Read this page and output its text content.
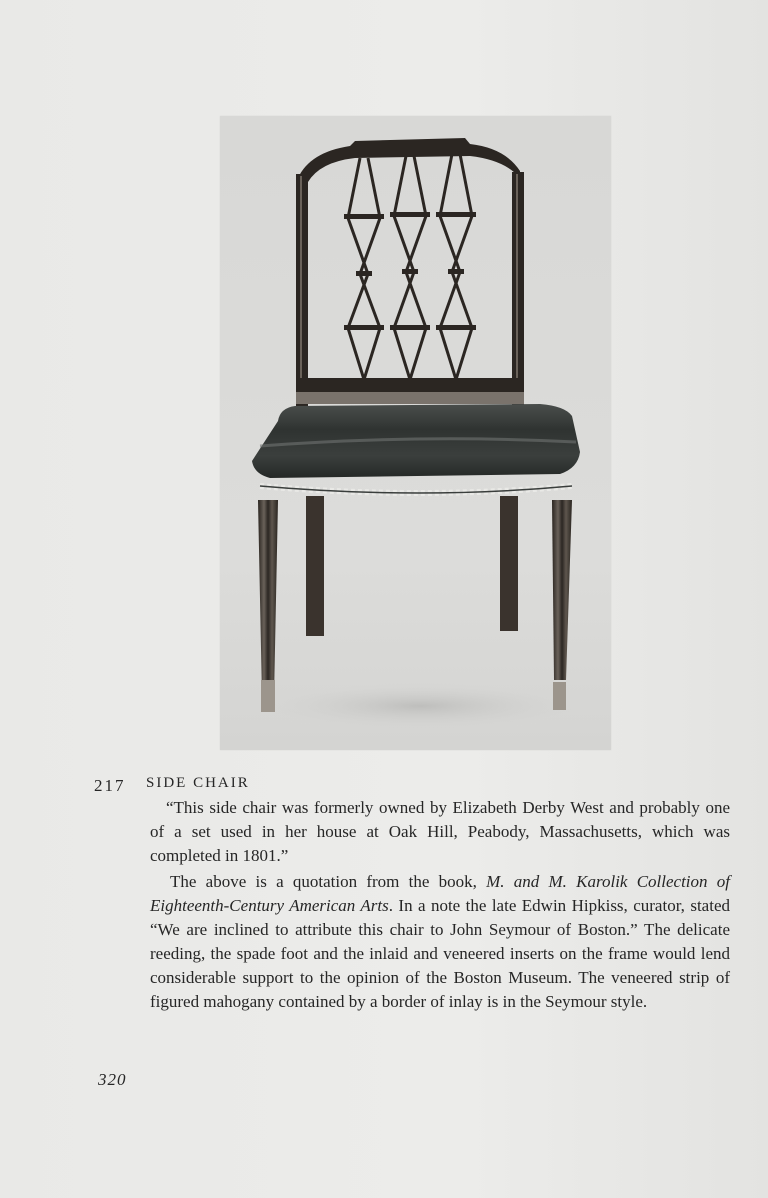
217 SIDE CHAIR

“This side chair was formerly owned by Elizabeth Derby West and probably one of a set used in her house at Oak Hill, Peabody, Massachusetts, which was completed in 1801.”

The above is a quotation from the book, M. and M. Karolik Collection of Eighteenth-Century American Arts. In a note the late Edwin Hipkiss, curator, stated “We are inclined to attribute this chair to John Seymour of Boston.” The delicate reeding, the spade foot and the inlaid and veneered inserts on the frame would lend considerable support to the opinion of the Boston Museum. The veneered strip of figured mahogany contained by a border of inlay is in the Seymour style.

320
